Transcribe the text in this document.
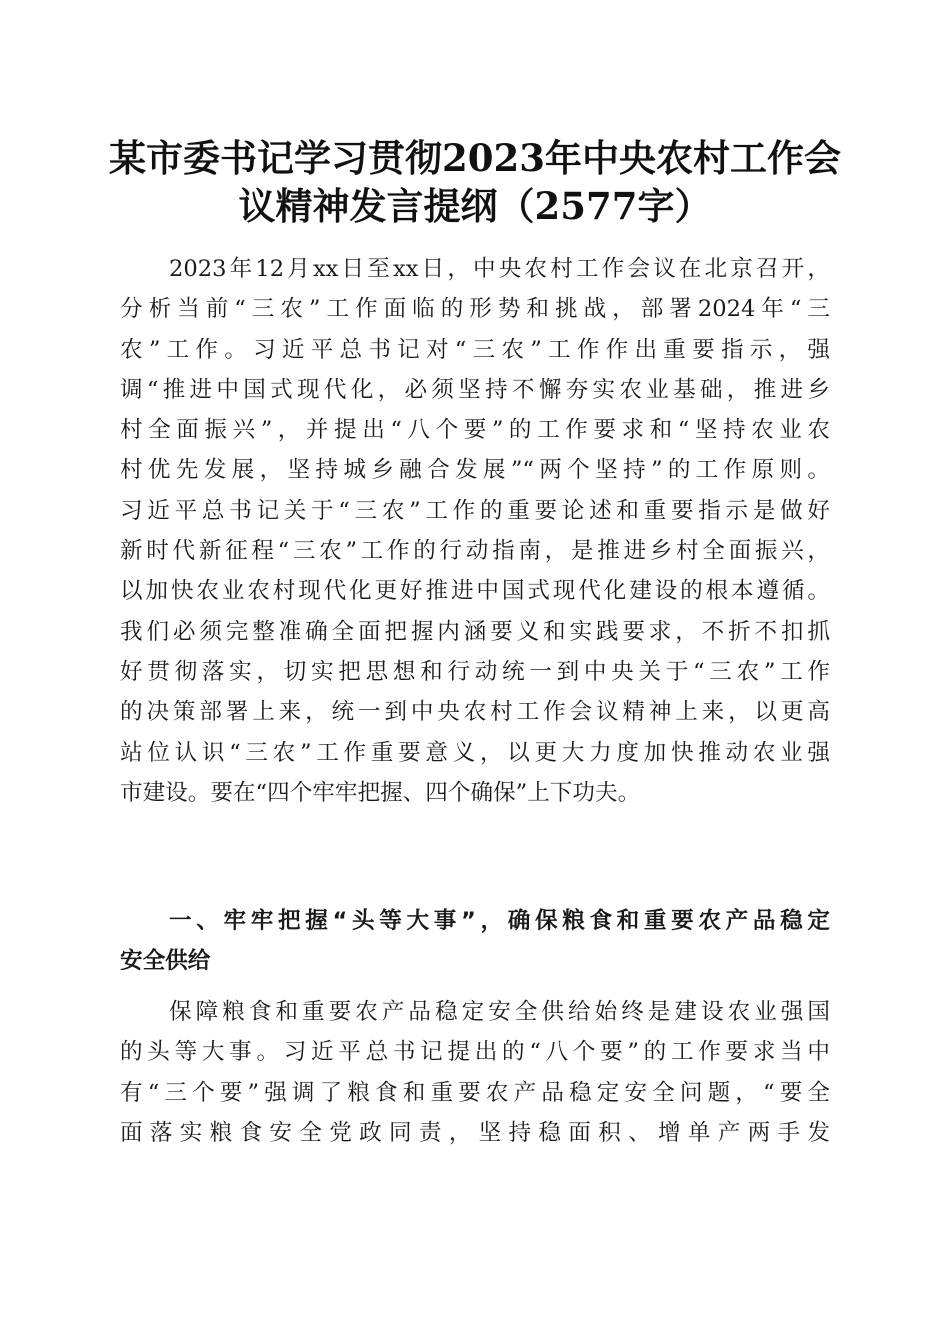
某市委书记学习贯彻2023年中央农村工作会
议精神发言提纲（2577字）
2023年12月xx日至xx日，中央农村工作会议在北京召开，
分析当前“三农”工作面临的形势和挑战，部署2024年“三
农”工作。习近平总书记对“三农”工作作出重要指示，强
调“推进中国式现代化，必须坚持不懈夯实农业基础，推进乡
村全面振兴”，并提出“八个要”的工作要求和“坚持农业农
村优先发展，坚持城乡融合发展”“两个坚持”的工作原则。
习近平总书记关于“三农”工作的重要论述和重要指示是做好
新时代新征程“三农”工作的行动指南，是推进乡村全面振兴，
以加快农业农村现代化更好推进中国式现代化建设的根本遵循。
我们必须完整准确全面把握内涵要义和实践要求，不折不扣抓
好贯彻落实，切实把思想和行动统一到中央关于“三农”工作
的决策部署上来，统一到中央农村工作会议精神上来，以更高
站位认识“三农”工作重要意义，以更大力度加快推动农业强
市建设。要在“四个牢牢把握、四个确保”上下功夫。
一、牢牢把握“头等大事”，确保粮食和重要农产品稳定
安全供给
保障粮食和重要农产品稳定安全供给始终是建设农业强国
的头等大事。习近平总书记提出的“八个要”的工作要求当中
有“三个要”强调了粮食和重要农产品稳定安全问题，“要全
面落实粮食安全党政同责，坚持稳面积、增单产两手发
